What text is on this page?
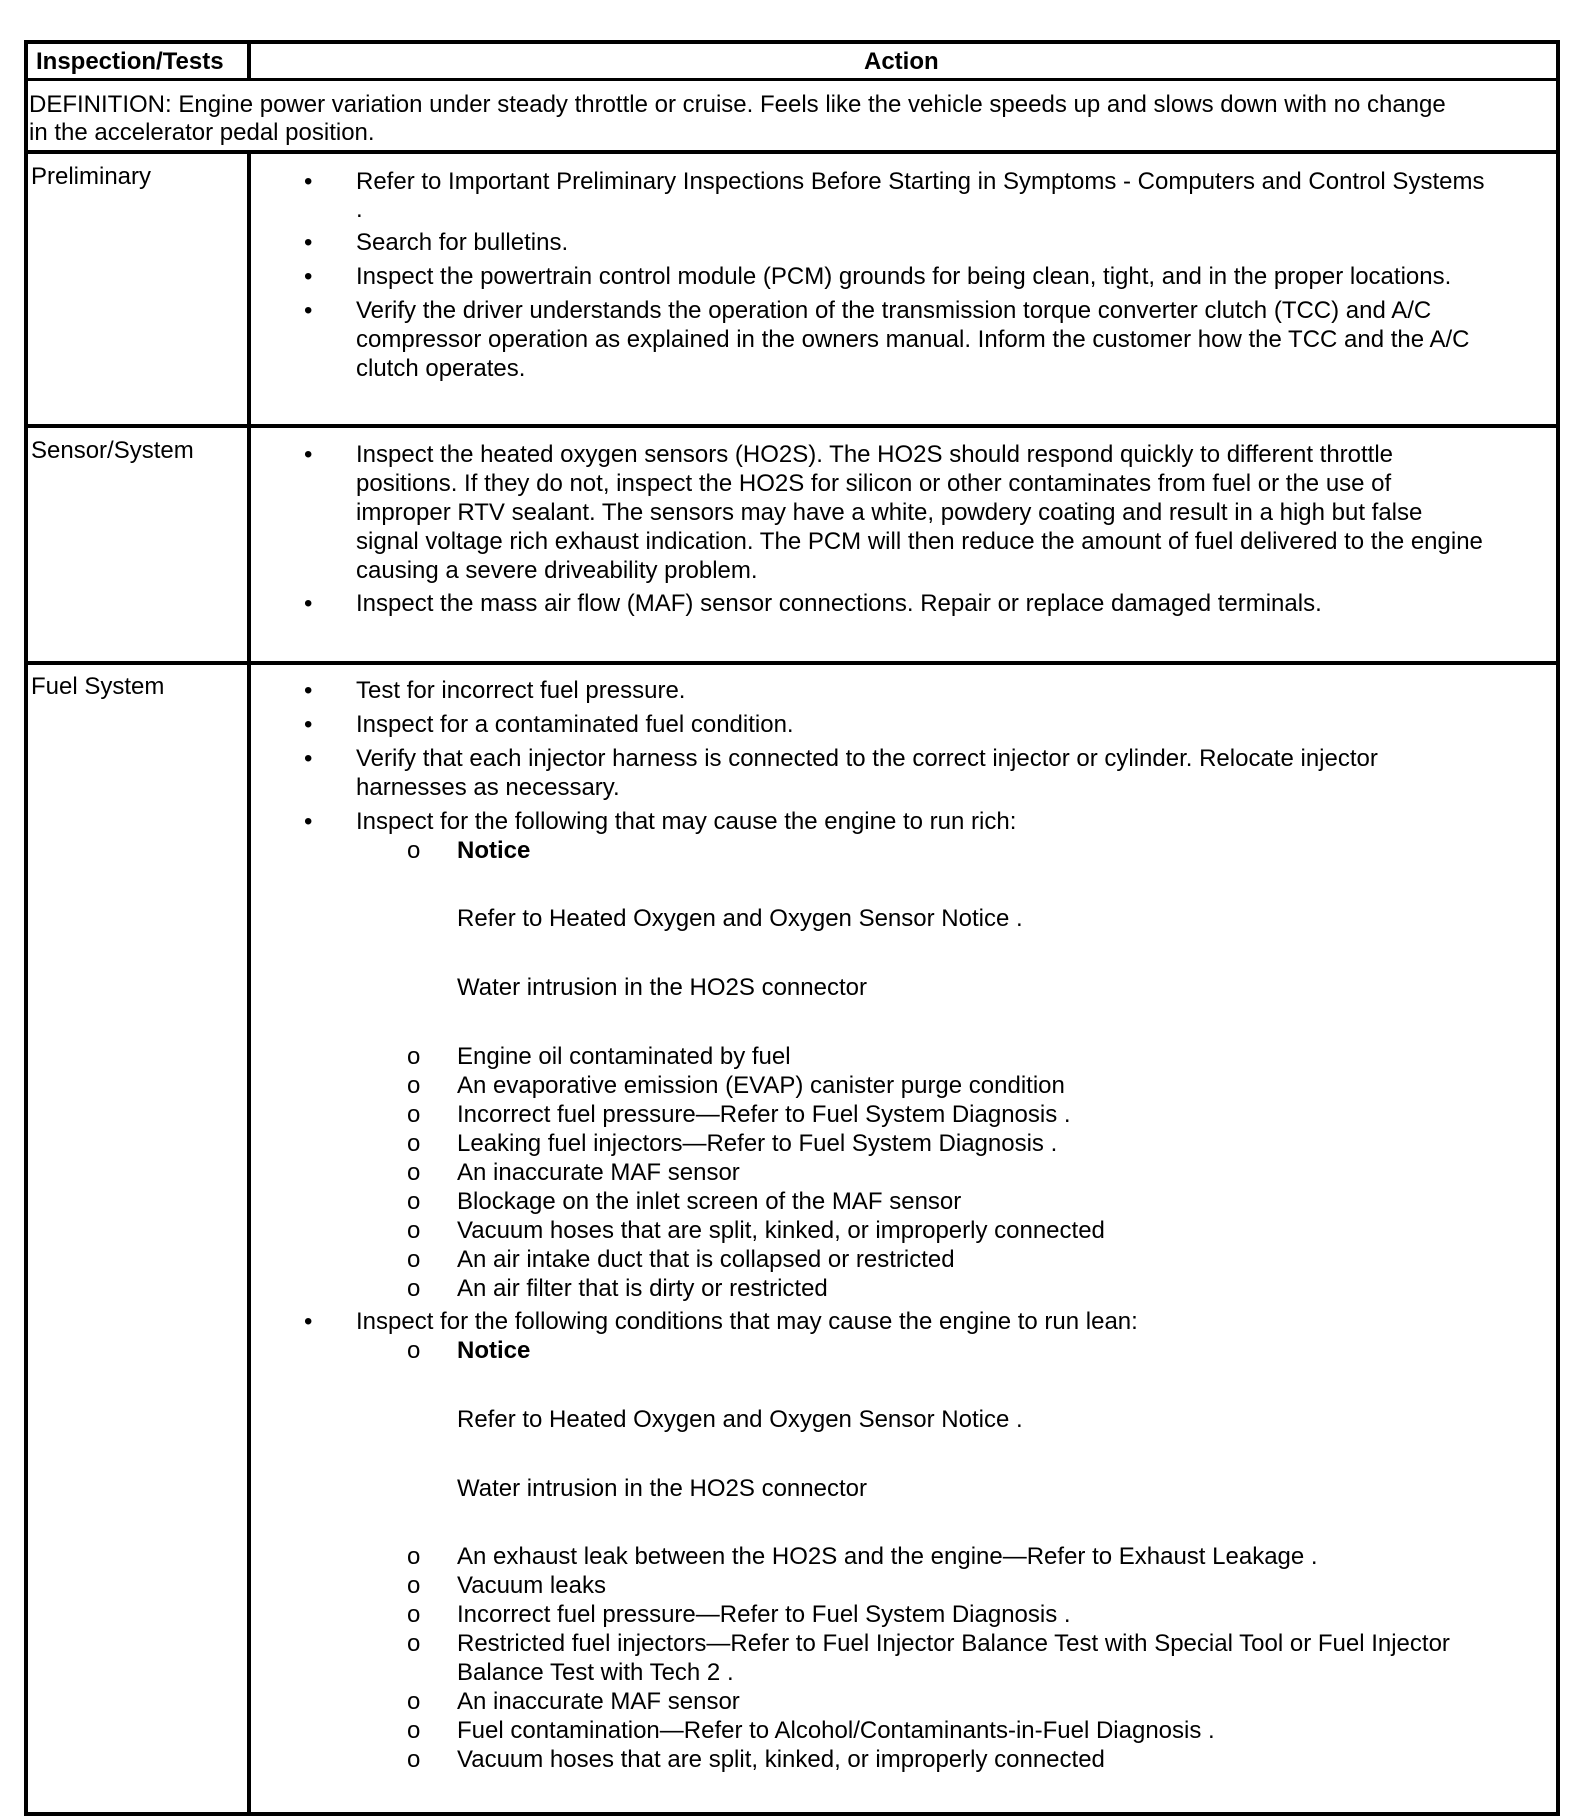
Inspection/Tests	Action

DEFINITION: Engine power variation under steady throttle or cruise. Feels like the vehicle speeds up and slows down with no change

in the accelerator pedal position.

Preliminary	• Refer to Important Preliminary Inspections Before Starting in Symptoms - Computers and Control Systems

.

• Search for bulletins.

• Inspect the powertrain control module (PCM) grounds for being clean, tight, and in the proper locations.

• Verify the driver understands the operation of the transmission torque converter clutch (TCC) and A/C

compressor operation as explained in the owners manual. Inform the customer how the TCC and the A/C

clutch operates.

Sensor/System	• Inspect the heated oxygen sensors (HO2S). The HO2S should respond quickly to different throttle

positions. If they do not, inspect the HO2S for silicon or other contaminates from fuel or the use of

improper RTV sealant. The sensors may have a white, powdery coating and result in a high but false

signal voltage rich exhaust indication. The PCM will then reduce the amount of fuel delivered to the engine

causing a severe driveability problem.

• Inspect the mass air flow (MAF) sensor connections. Repair or replace damaged terminals.

Fuel System	• Test for incorrect fuel pressure.

• Inspect for a contaminated fuel condition.

• Verify that each injector harness is connected to the correct injector or cylinder. Relocate injector

harnesses as necessary.

• Inspect for the following that may cause the engine to run rich:

o Notice

Refer to Heated Oxygen and Oxygen Sensor Notice .

Water intrusion in the HO2S connector

o Engine oil contaminated by fuel

o An evaporative emission (EVAP) canister purge condition

o Incorrect fuel pressure—Refer to Fuel System Diagnosis .

o Leaking fuel injectors—Refer to Fuel System Diagnosis .

o An inaccurate MAF sensor

o Blockage on the inlet screen of the MAF sensor

o Vacuum hoses that are split, kinked, or improperly connected

o An air intake duct that is collapsed or restricted

o An air filter that is dirty or restricted

• Inspect for the following conditions that may cause the engine to run lean:

o Notice

Refer to Heated Oxygen and Oxygen Sensor Notice .

Water intrusion in the HO2S connector

o An exhaust leak between the HO2S and the engine—Refer to Exhaust Leakage .

o Vacuum leaks

o Incorrect fuel pressure—Refer to Fuel System Diagnosis .

o Restricted fuel injectors—Refer to Fuel Injector Balance Test with Special Tool or Fuel Injector

Balance Test with Tech 2 .

o An inaccurate MAF sensor

o Fuel contamination—Refer to Alcohol/Contaminants-in-Fuel Diagnosis .

o Vacuum hoses that are split, kinked, or improperly connected
